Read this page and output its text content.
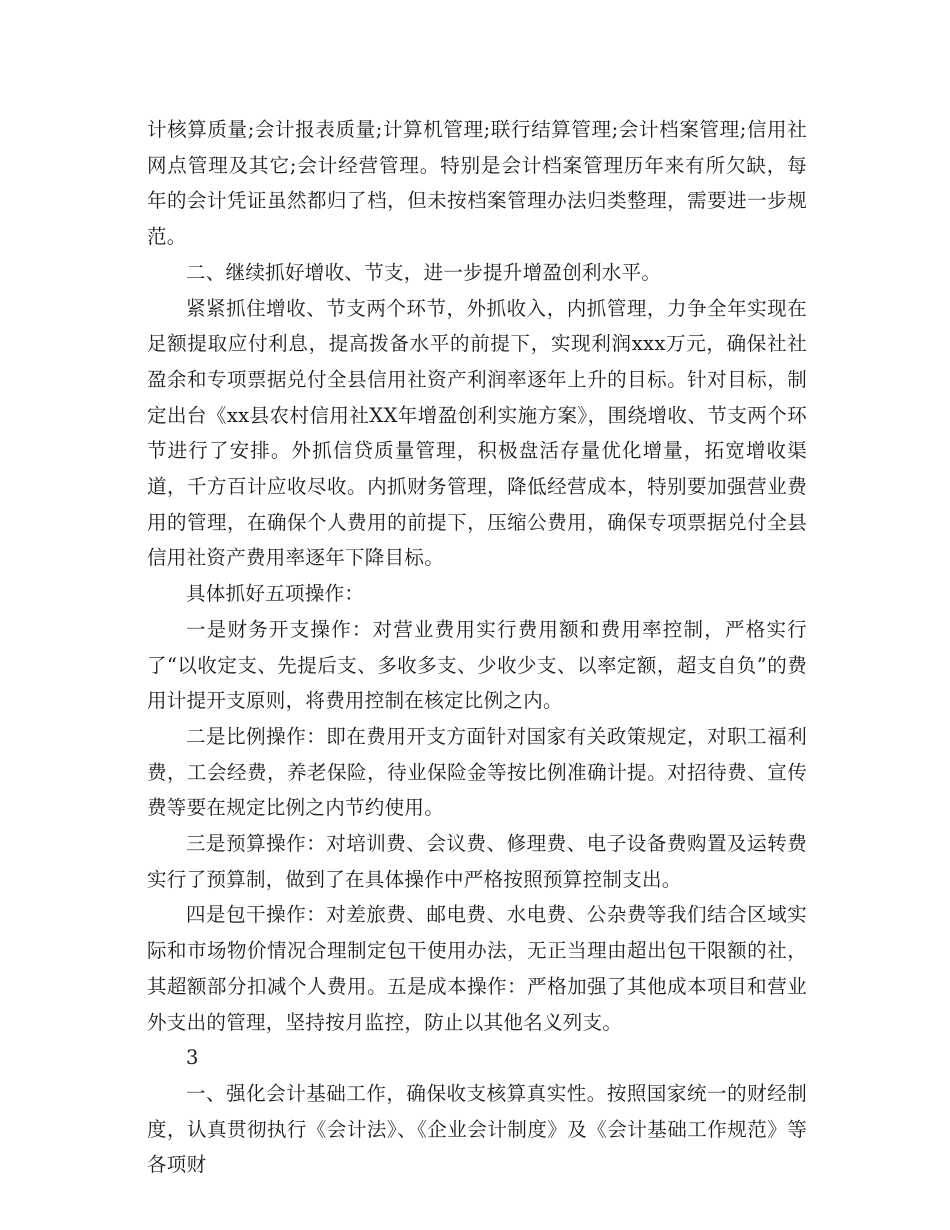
计核算质量;会计报表质量;计算机管理;联行结算管理;会计档案管理;信用社网点管理及其它;会计经营管理。特别是会计档案管理历年来有所欠缺，每年的会计凭证虽然都归了档，但未按档案管理办法归类整理，需要进一步规范。

二、继续抓好增收、节支，进一步提升增盈创利水平。

紧紧抓住增收、节支两个环节，外抓收入，内抓管理，力争全年实现在足额提取应付利息，提高拨备水平的前提下，实现利润xxx万元，确保社社盈余和专项票据兑付全县信用社资产利润率逐年上升的目标。针对目标，制定出台《xx县农村信用社XX年增盈创利实施方案》，围绕增收、节支两个环节进行了安排。外抓信贷质量管理，积极盘活存量优化增量，拓宽增收渠道，千方百计应收尽收。内抓财务管理，降低经营成本，特别要加强营业费用的管理，在确保个人费用的前提下，压缩公费用，确保专项票据兑付全县信用社资产费用率逐年下降目标。

具体抓好五项操作：

一是财务开支操作：对营业费用实行费用额和费用率控制，严格实行了“以收定支、先提后支、多收多支、少收少支、以率定额，超支自负”的费用计提开支原则，将费用控制在核定比例之内。

二是比例操作：即在费用开支方面针对国家有关政策规定，对职工福利费，工会经费，养老保险，待业保险金等按比例准确计提。对招待费、宣传费等要在规定比例之内节约使用。

三是预算操作：对培训费、会议费、修理费、电子设备费购置及运转费实行了预算制，做到了在具体操作中严格按照预算控制支出。

四是包干操作：对差旅费、邮电费、水电费、公杂费等我们结合区域实际和市场物价情况合理制定包干使用办法，无正当理由超出包干限额的社，其超额部分扣减个人费用。五是成本操作：严格加强了其他成本项目和营业外支出的管理，坚持按月监控，防止以其他名义列支。

3

一、强化会计基础工作，确保收支核算真实性。按照国家统一的财经制度，认真贯彻执行《会计法》、《企业会计制度》及《会计基础工作规范》等各项财
